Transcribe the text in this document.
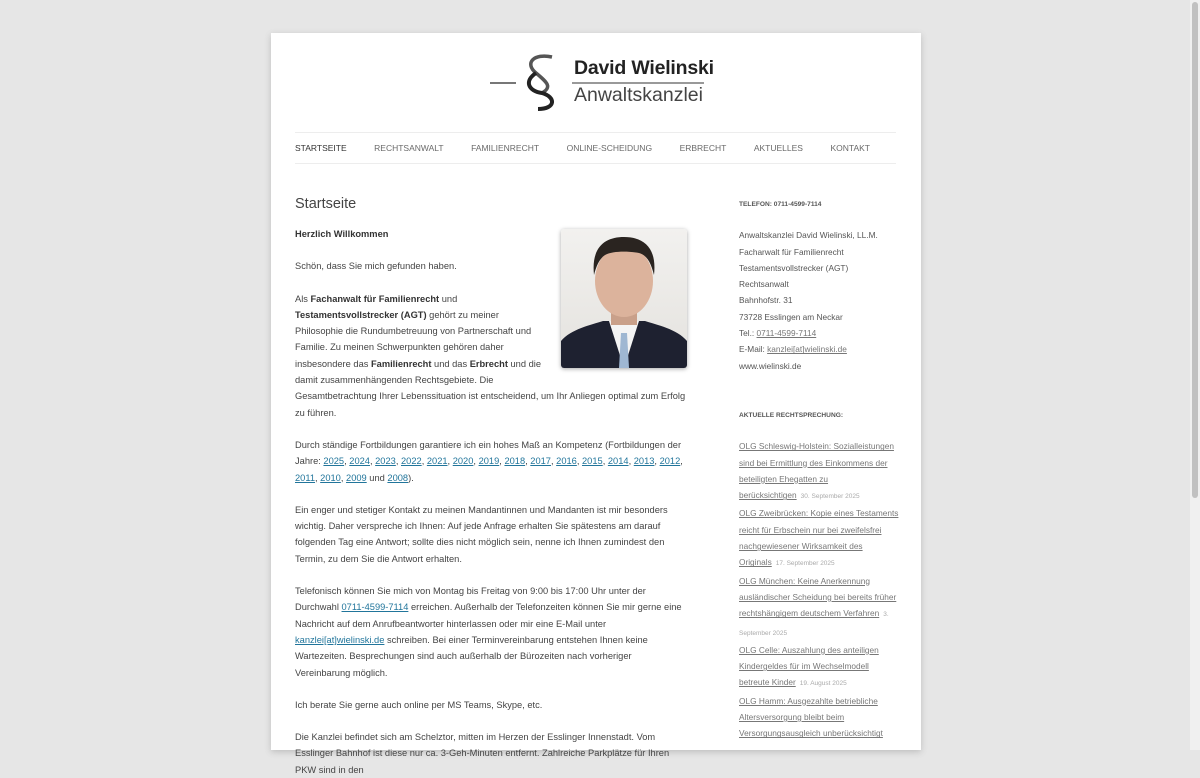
David Wielinski
Anwaltskanzlei
STARTSEITE	RECHTSANWALT	FAMILIENRECHT	ONLINE-SCHEIDUNG	ERBRECHT	AKTUELLES	KONTAKT
Startseite

Herzlich Willkommen

Schön, dass Sie mich gefunden haben.

Als Fachanwalt für Familienrecht und Testamentsvollstrecker (AGT) gehört zu meiner Philosophie die Rundumbetreuung von Partnerschaft und Familie. Zu meinen Schwerpunkten gehören daher insbesondere das Familienrecht und das Erbrecht und die damit zusammenhängenden Rechtsgebiete. Die Gesamtbetrachtung Ihrer Lebenssituation ist entscheidend, um Ihr Anliegen optimal zum Erfolg zu führen.

Durch ständige Fortbildungen garantiere ich ein hohes Maß an Kompetenz (Fortbildungen der Jahre: 2025, 2024, 2023, 2022, 2021, 2020, 2019, 2018, 2017, 2016, 2015, 2014, 2013, 2012, 2011, 2010, 2009 und 2008).

Ein enger und stetiger Kontakt zu meinen Mandantinnen und Mandanten ist mir besonders wichtig. Daher verspreche ich Ihnen: Auf jede Anfrage erhalten Sie spätestens am darauf folgenden Tag eine Antwort; sollte dies nicht möglich sein, nenne ich Ihnen zumindest den Termin, zu dem Sie die Antwort erhalten.

Telefonisch können Sie mich von Montag bis Freitag von 9:00 bis 17:00 Uhr unter der Durchwahl 0711-4599-7114 erreichen. Außerhalb der Telefonzeiten können Sie mir gerne eine Nachricht auf dem Anrufbeantworter hinterlassen oder mir eine E-Mail unter kanzlei[at]wielinski.de schreiben. Bei einer Terminvereinbarung entstehen Ihnen keine Wartezeiten. Besprechungen sind auch außerhalb der Bürozeiten nach vorheriger Vereinbarung möglich.

Ich berate Sie gerne auch online per MS Teams, Skype, etc.

Die Kanzlei befindet sich am Schelztor, mitten im Herzen der Esslinger Innenstadt. Vom Esslinger Bahnhof ist diese nur ca. 3-Geh-Minuten entfernt. Zahlreiche Parkplätze für Ihren PKW sind in den

TELEFON: 0711-4599-7114
Anwaltskanzlei David Wielinski, LL.M.
Facharwalt für Familienrecht
Testamentsvollstrecker (AGT)
Rechtsanwalt
Bahnhofstr. 31
73728 Esslingen am Neckar
Tel.: 0711-4599-7114
E-Mail: kanzlei[at]wielinski.de
www.wielinski.de
AKTUELLE RECHTSPRECHUNG:
OLG Schleswig-Holstein: Sozialleistungen sind bei Ermittlung des Einkommens der beteiligten Ehegatten zu berücksichtigen 30. September 2025
OLG Zweibrücken: Kopie eines Testaments reicht für Erbschein nur bei zweifelsfrei nachgewiesener Wirksamkeit des Originals 17. September 2025
OLG München: Keine Anerkennung ausländischer Scheidung bei bereits früher rechtshängigem deutschem Verfahren 3. September 2025
OLG Celle: Auszahlung des anteiligen Kindergeldes für im Wechselmodell betreute Kinder 19. August 2025
OLG Hamm: Ausgezahlte betriebliche Altersversorgung bleibt beim Versorgungsausgleich unberücksichtigt
